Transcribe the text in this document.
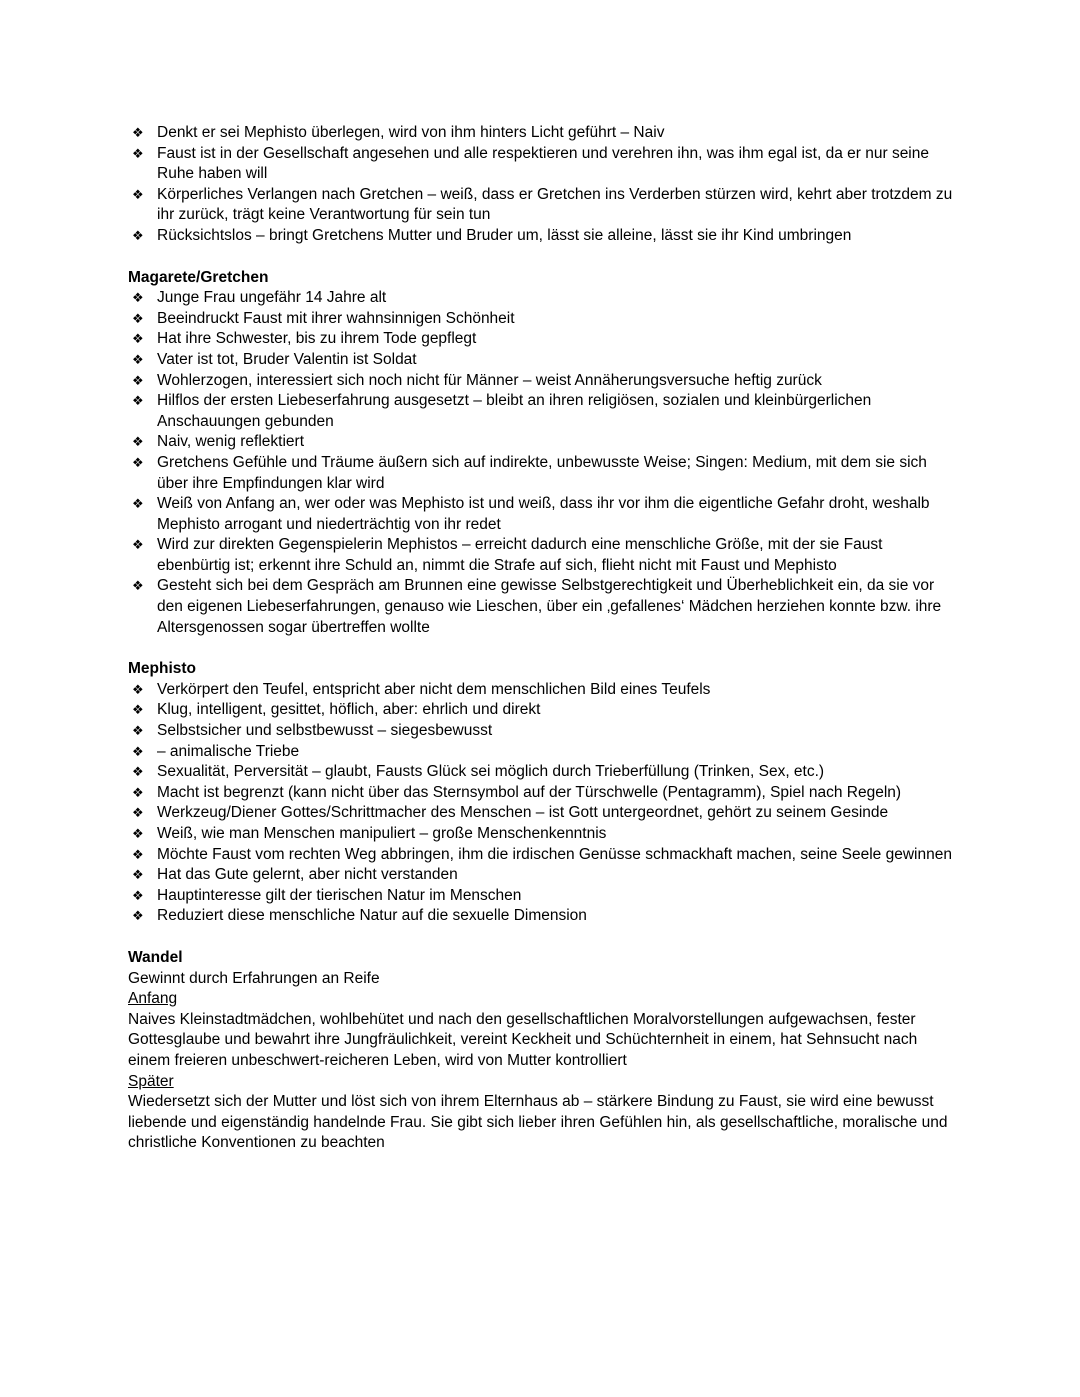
❖ Denkt er sei Mephisto überlegen, wird von ihm hinters Licht geführt – Naiv
❖ Faust ist in der Gesellschaft angesehen und alle respektieren und verehren ihn, was ihm egal ist, da er nur seine Ruhe haben will
❖ Körperliches Verlangen nach Gretchen – weiß, dass er Gretchen ins Verderben stürzen wird, kehrt aber trotzdem zu ihr zurück, trägt keine Verantwortung für sein tun
❖ Rücksichtslos – bringt Gretchens Mutter und Bruder um, lässt sie alleine, lässt sie ihr Kind umbringen
Magarete/Gretchen
❖ Junge Frau ungefähr 14 Jahre alt
❖ Beeindruckt Faust mit ihrer wahnsinnigen Schönheit
❖ Hat ihre Schwester, bis zu ihrem Tode gepflegt
❖ Vater ist tot, Bruder Valentin ist Soldat
❖ Wohlerzogen, interessiert sich noch nicht für Männer – weist Annäherungsversuche heftig zurück
❖ Hilflos der ersten Liebeserfahrung ausgesetzt – bleibt an ihren religiösen, sozialen und kleinbürgerlichen Anschauungen gebunden
❖ Naiv, wenig reflektiert
❖ Gretchens Gefühle und Träume äußern sich auf indirekte, unbewusste Weise; Singen: Medium, mit dem sie sich über ihre Empfindungen klar wird
❖ Weiß von Anfang an, wer oder was Mephisto ist und weiß, dass ihr vor ihm die eigentliche Gefahr droht, weshalb Mephisto arrogant und niederträchtig von ihr redet
❖ Wird zur direkten Gegenspielerin Mephistos – erreicht dadurch eine menschliche Größe, mit der sie Faust ebenbürtig ist; erkennt ihre Schuld an, nimmt die Strafe auf sich, flieht nicht mit Faust und Mephisto
❖ Gesteht sich bei dem Gespräch am Brunnen eine gewisse Selbstgerechtigkeit und Überheblichkeit ein, da sie vor den eigenen Liebeserfahrungen, genauso wie Lieschen, über ein ‚gefallenes‘ Mädchen herziehen konnte bzw. ihre Altersgenossen sogar übertreffen wollte
Mephisto
❖ Verkörpert den Teufel, entspricht aber nicht dem menschlichen Bild eines Teufels
❖ Klug, intelligent, gesittet, höflich, aber: ehrlich und direkt
❖ Selbstsicher und selbstbewusst – siegesbewusst
❖ – animalische Triebe
❖ Sexualität, Perversität – glaubt, Fausts Glück sei möglich durch Trieberfüllung (Trinken, Sex, etc.)
❖ Macht ist begrenzt (kann nicht über das Sternsymbol auf der Türschwelle (Pentagramm), Spiel nach Regeln)
❖ Werkzeug/Diener Gottes/Schrittmacher des Menschen – ist Gott untergeordnet, gehört zu seinem Gesinde
❖ Weiß, wie man Menschen manipuliert – große Menschenkenntnis
❖ Möchte Faust vom rechten Weg abbringen, ihm die irdischen Genüsse schmackhaft machen, seine Seele gewinnen
❖ Hat das Gute gelernt, aber nicht verstanden
❖ Hauptinteresse gilt der tierischen Natur im Menschen
❖ Reduziert diese menschliche Natur auf die sexuelle Dimension
Wandel

Gewinnt durch Erfahrungen an Reife

Anfang

Naives Kleinstadtmädchen, wohlbehütet und nach den gesellschaftlichen Moralvorstellungen aufgewachsen, fester Gottesglaube und bewahrt ihre Jungfräulichkeit, vereint Keckheit und Schüchternheit in einem, hat Sehnsucht nach einem freieren unbeschwert-reicheren Leben, wird von Mutter kontrolliert

Später

Wiedersetzt sich der Mutter und löst sich von ihrem Elternhaus ab – stärkere Bindung zu Faust, sie wird eine bewusst liebende und eigenständig handelnde Frau. Sie gibt sich lieber ihren Gefühlen hin, als gesellschaftliche, moralische und christliche Konventionen zu beachten
